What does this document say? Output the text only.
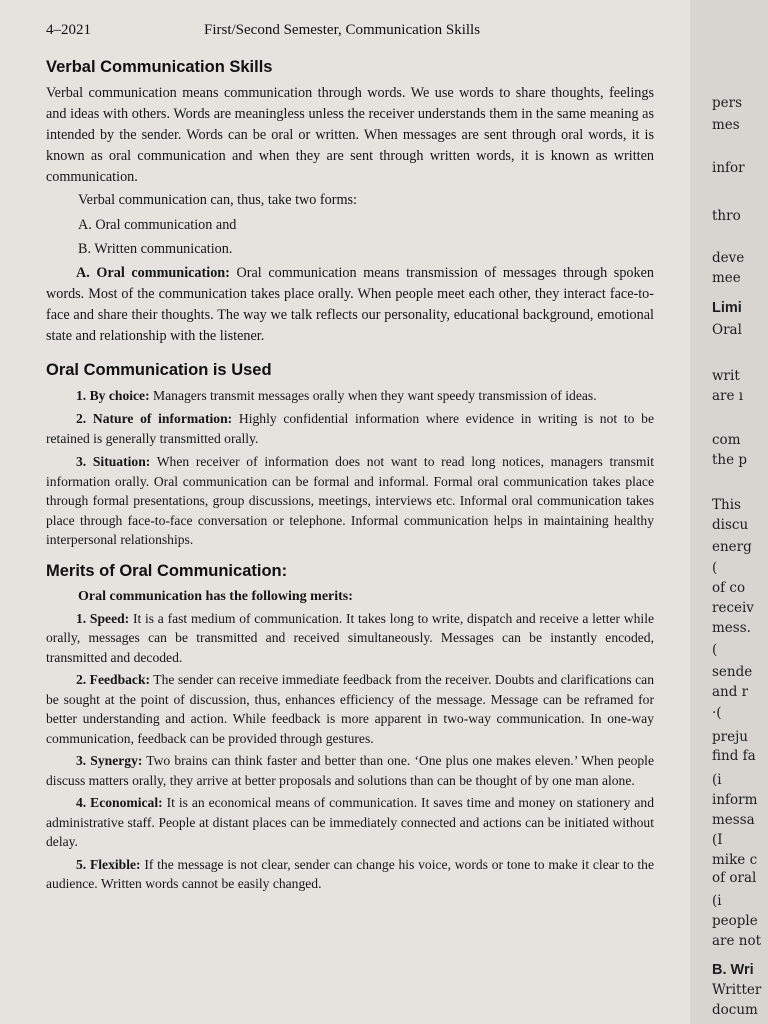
4–2021	First/Second Semester, Communication Skills
Verbal Communication Skills

Verbal communication means communication through words. We use words to share thoughts, feelings and ideas with others. Words are meaningless unless the receiver understands them in the same meaning as intended by the sender. Words can be oral or written. When messages are sent through oral words, it is known as oral communication and when they are sent through written words, it is known as written communication.

Verbal communication can, thus, take two forms:
A. Oral communication and
B. Written communication.

A. Oral communication: Oral communication means transmission of messages through spoken words. Most of the communication takes place orally. When people meet each other, they interact face-to- face and share their thoughts. The way we talk reflects our personality, educational background, emotional state and relationship with the listener.

Oral Communication is Used

1. By choice: Managers transmit messages orally when they want speedy transmission of ideas.

2. Nature of information: Highly confidential information where evidence in writing is not to be retained is generally transmitted orally.

3. Situation: When receiver of information does not want to read long notices, managers transmit information orally. Oral communication can be formal and informal. Formal oral communication takes place through formal presentations, group discussions, meetings, interviews etc. Informal oral communication takes place through face-to-face conversation or telephone. Informal communication helps in maintaining healthy interpersonal relationships.

Merits of Oral Communication:
Oral communication has the following merits:

1. Speed: It is a fast medium of communication. It takes long to write, dispatch and receive a letter while orally, messages can be transmitted and received simultaneously. Messages can be instantly encoded, transmitted and decoded.

2. Feedback: The sender can receive immediate feedback from the receiver. Doubts and clarifications can be sought at the point of discussion, thus, enhances efficiency of the message. Message can be reframed for better understanding and action. While feedback is more apparent in two-way communication. In one-way communication, feedback can be provided through gestures.

3. Synergy: Two brains can think faster and better than one. ‘One plus one makes eleven.’ When people discuss matters orally, they arrive at better proposals and solutions than can be thought of by one man alone.

4. Economical: It is an economical means of communication. It saves time and money on stationery and administrative staff. People at distant places can be immediately connected and actions can be initiated without delay.

5. Flexible: If the message is not clear, sender can change his voice, words or tone to make it clear to the audience. Written words cannot be easily changed.

pers
mes
infor
thro
deve
mee
Limi
Oral
writ
are ı
com
the p
This
discu
energ
(
of co
receiv
mess.
(
sende
and r
·(
preju
find fa
(i
inform
messa
(I
mike c
of oral
(i
people
are not
B. Wri
Writter
docum
